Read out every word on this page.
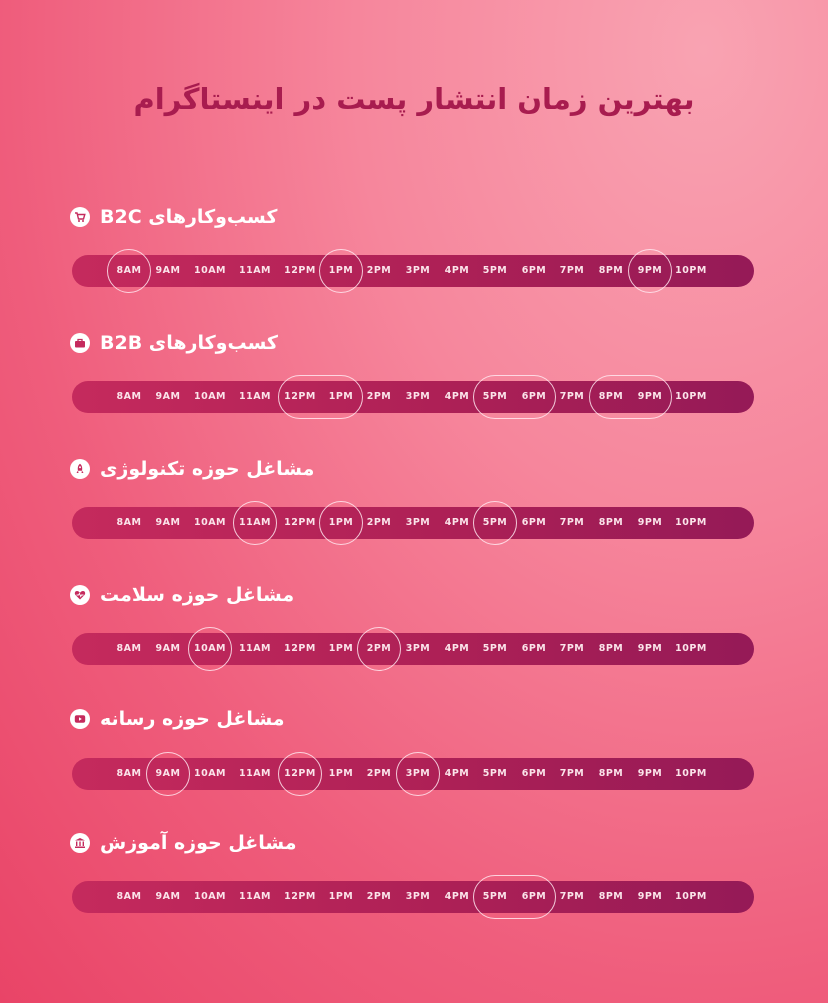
بهترین زمان انتشار پست در اینستاگرام
کسب‌وکارهای B2C
8AM 9AM 10AM 11AM 12PM 1PM 2PM 3PM 4PM 5PM 6PM 7PM 8PM 9PM 10PM
کسب‌وکارهای B2B
8AM 9AM 10AM 11AM 12PM 1PM 2PM 3PM 4PM 5PM 6PM 7PM 8PM 9PM 10PM
مشاغل حوزه تکنولوژی
8AM 9AM 10AM 11AM 12PM 1PM 2PM 3PM 4PM 5PM 6PM 7PM 8PM 9PM 10PM
مشاغل حوزه سلامت
8AM 9AM 10AM 11AM 12PM 1PM 2PM 3PM 4PM 5PM 6PM 7PM 8PM 9PM 10PM
مشاغل حوزه رسانه
8AM 9AM 10AM 11AM 12PM 1PM 2PM 3PM 4PM 5PM 6PM 7PM 8PM 9PM 10PM
مشاغل حوزه آموزش
8AM 9AM 10AM 11AM 12PM 1PM 2PM 3PM 4PM 5PM 6PM 7PM 8PM 9PM 10PM
